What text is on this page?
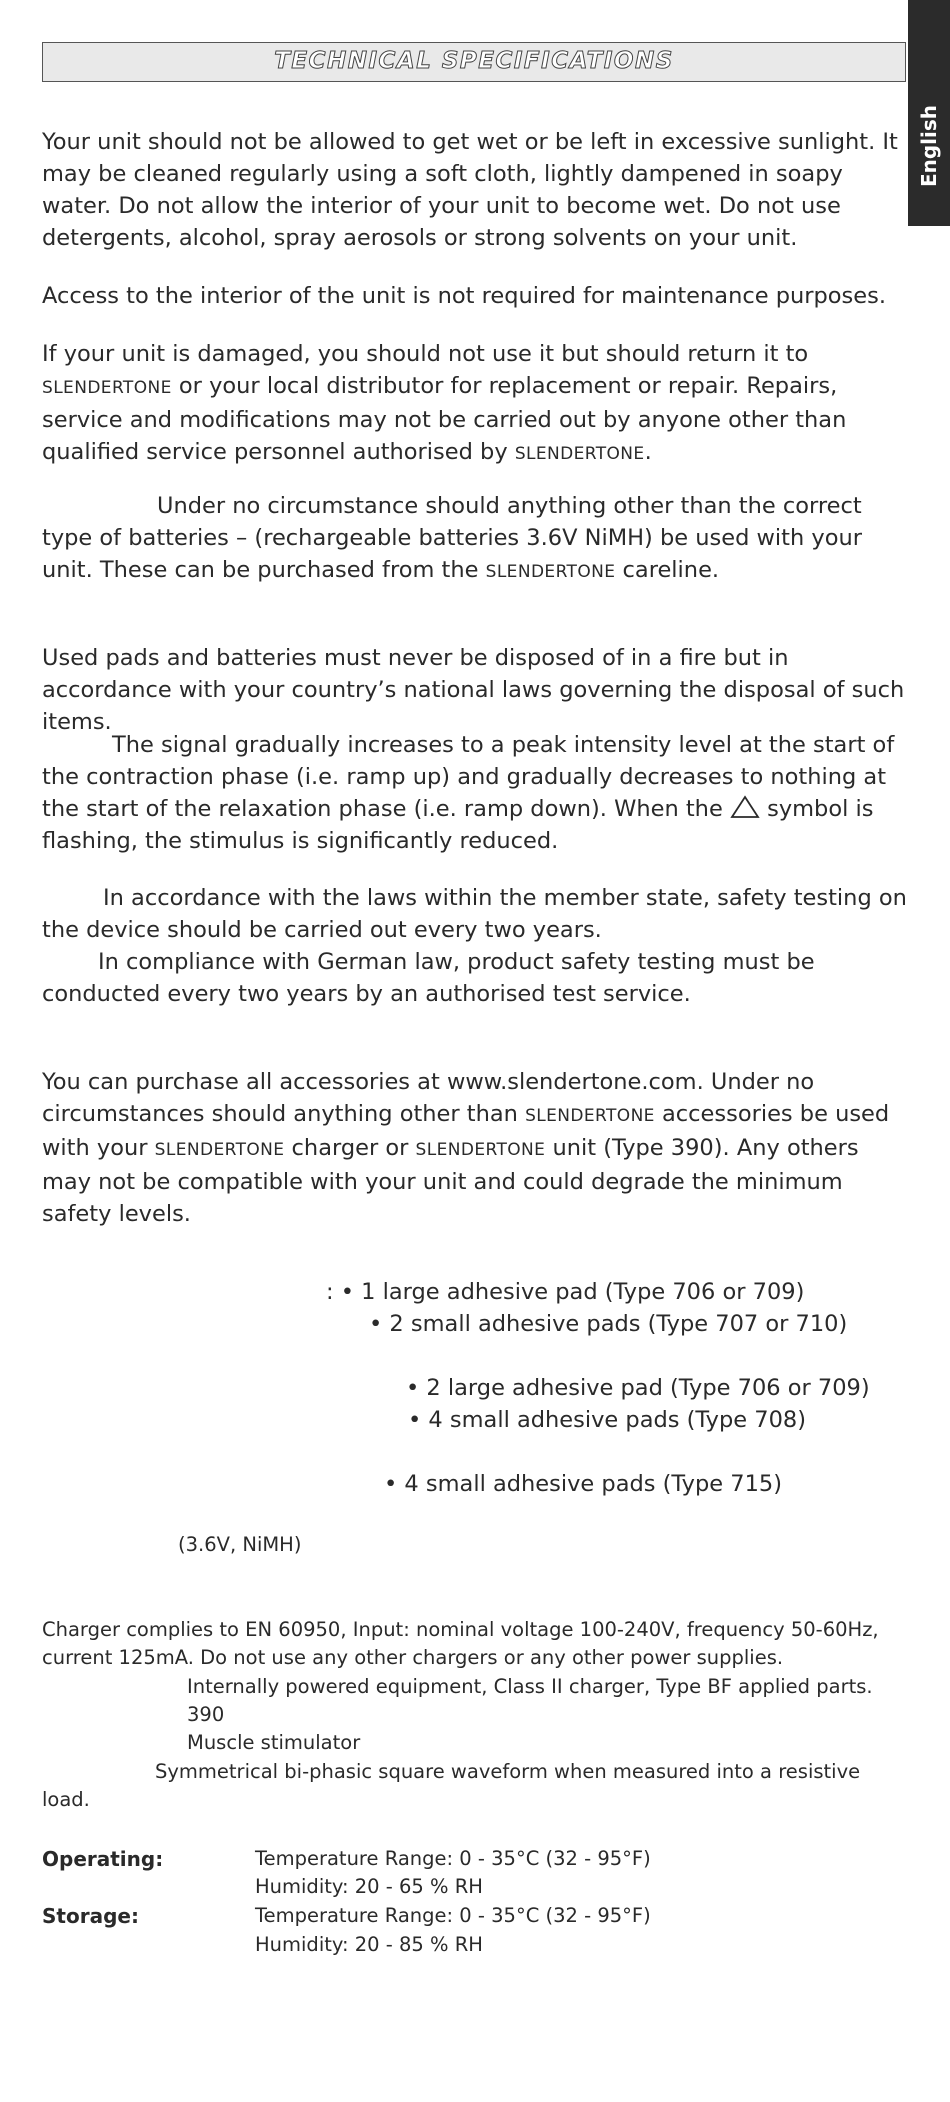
TECHNICAL SPECIFICATIONS
English

Your unit should not be allowed to get wet or be left in excessive sunlight. It may be cleaned regularly using a soft cloth, lightly dampened in soapy water. Do not allow the interior of your unit to become wet. Do not use detergents, alcohol, spray aerosols or strong solvents on your unit.

Access to the interior of the unit is not required for maintenance purposes.

If your unit is damaged, you should not use it but should return it to SLENDERTONE or your local distributor for replacement or repair. Repairs, service and modifications may not be carried out by anyone other than qualified service personnel authorised by SLENDERTONE.

Under no circumstance should anything other than the correct type of batteries – (rechargeable batteries 3.6V NiMH) be used with your unit. These can be purchased from the SLENDERTONE careline.

Used pads and batteries must never be disposed of in a fire but in accordance with your country’s national laws governing the disposal of such items.

The signal gradually increases to a peak intensity level at the start of the contraction phase (i.e. ramp up) and gradually decreases to nothing at the start of the relaxation phase (i.e. ramp down). When the  symbol is flashing, the stimulus is significantly reduced.

In accordance with the laws within the member state, safety testing on the device should be carried out every two years.

In compliance with German law, product safety testing must be conducted every two years by an authorised test service.

You can purchase all accessories at www.slendertone.com. Under no circumstances should anything other than SLENDERTONE accessories be used with your SLENDERTONE charger or SLENDERTONE unit (Type 390). Any others may not be compatible with your unit and could degrade the minimum safety levels.

: • 1 large adhesive pad (Type 706 or 709)
• 2 small adhesive pads (Type 707 or 710)
• 2 large adhesive pad (Type 706 or 709)
• 4 small adhesive pads (Type 708)
• 4 small adhesive pads (Type 715)
(3.6V, NiMH)

Charger complies to EN 60950, Input: nominal voltage 100-240V, frequency 50-60Hz, current 125mA. Do not use any other chargers or any other power supplies.

Internally powered equipment, Class II charger, Type BF applied parts.
390
Muscle stimulator
Symmetrical bi-phasic square waveform when measured into a resistive
load.
Operating:	Temperature Range: 0 - 35°C (32 - 95°F)
Humidity: 20 - 65 % RH
Storage:	Temperature Range: 0 - 35°C (32 - 95°F)
Humidity: 20 - 85 % RH
